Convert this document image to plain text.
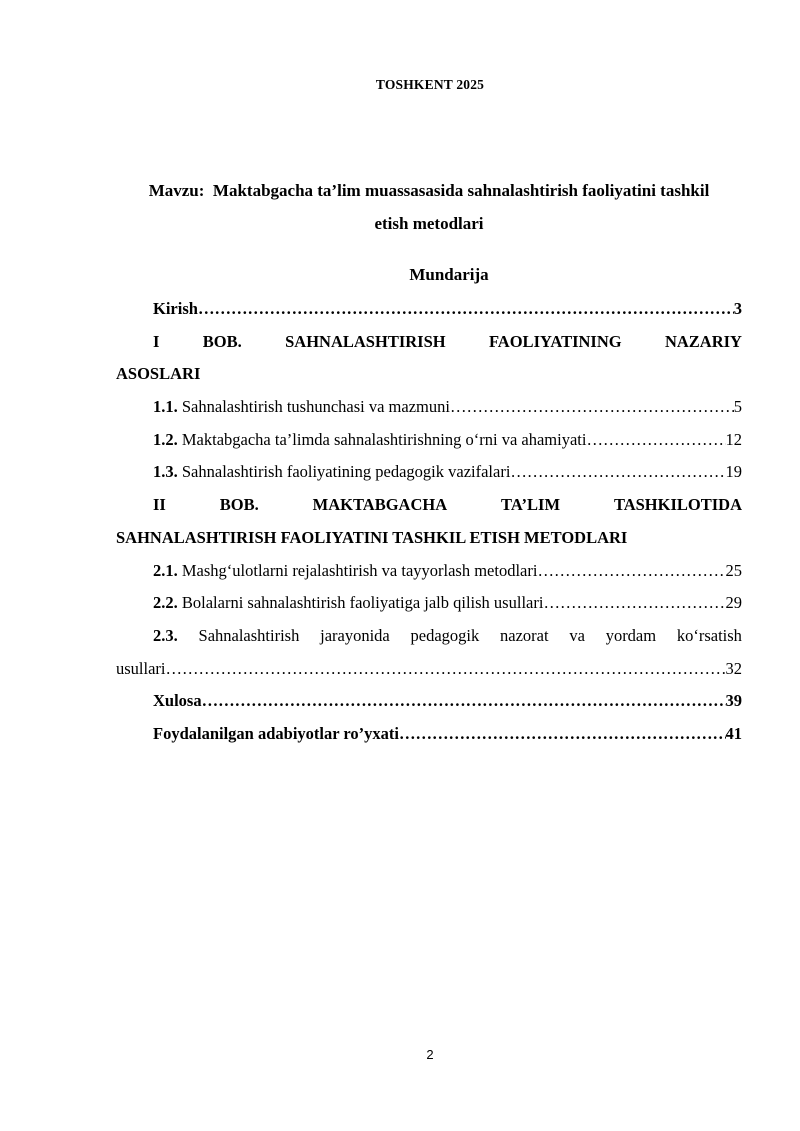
TOSHKENT 2025
Mavzu: Maktabgacha ta’lim muassasasida sahnalashtirish faoliyatini tashkil
etish metodlari
Mundarija
Kirish ……………………………………………………………………………………………………………………………………………………………	3
I	BOB.	SAHNALASHTIRISH	FAOLIYATINING	NAZARIY
ASOSLARI
1.1. Sahnalashtirish tushunchasi va mazmuni ……………………………………………………………………………………………………………………………………………………………	5
1.2. Maktabgacha ta’limda sahnalashtirishning o‘rni va ahamiyati ……………………………………………………………………………………………………………………………………………………………	12
1.3. Sahnalashtirish faoliyatining pedagogik vazifalari ……………………………………………………………………………………………………………………………………………………………	19
II	BOB.	MAKTABGACHA	TA’LIM	TASHKILOTIDA
SAHNALASHTIRISH FAOLIYATINI TASHKIL ETISH METODLARI
2.1. Mashg‘ulotlarni rejalashtirish va tayyorlash metodlari ……………………………………………………………………………………………………………………………………………………………	25
2.2. Bolalarni sahnalashtirish faoliyatiga jalb qilish usullari ……………………………………………………………………………………………………………………………………………………………	29
2.3. Sahnalashtirish jarayonida pedagogik nazorat va yordam ko‘rsatish
usullari ……………………………………………………………………………………………………………………………………………………………	32
Xulosa ……………………………………………………………………………………………………………………………………………………………	39
Foydalanilgan adabiyotlar ro’yxati ……………………………………………………………………………………………………………………………………………………………	41
2
